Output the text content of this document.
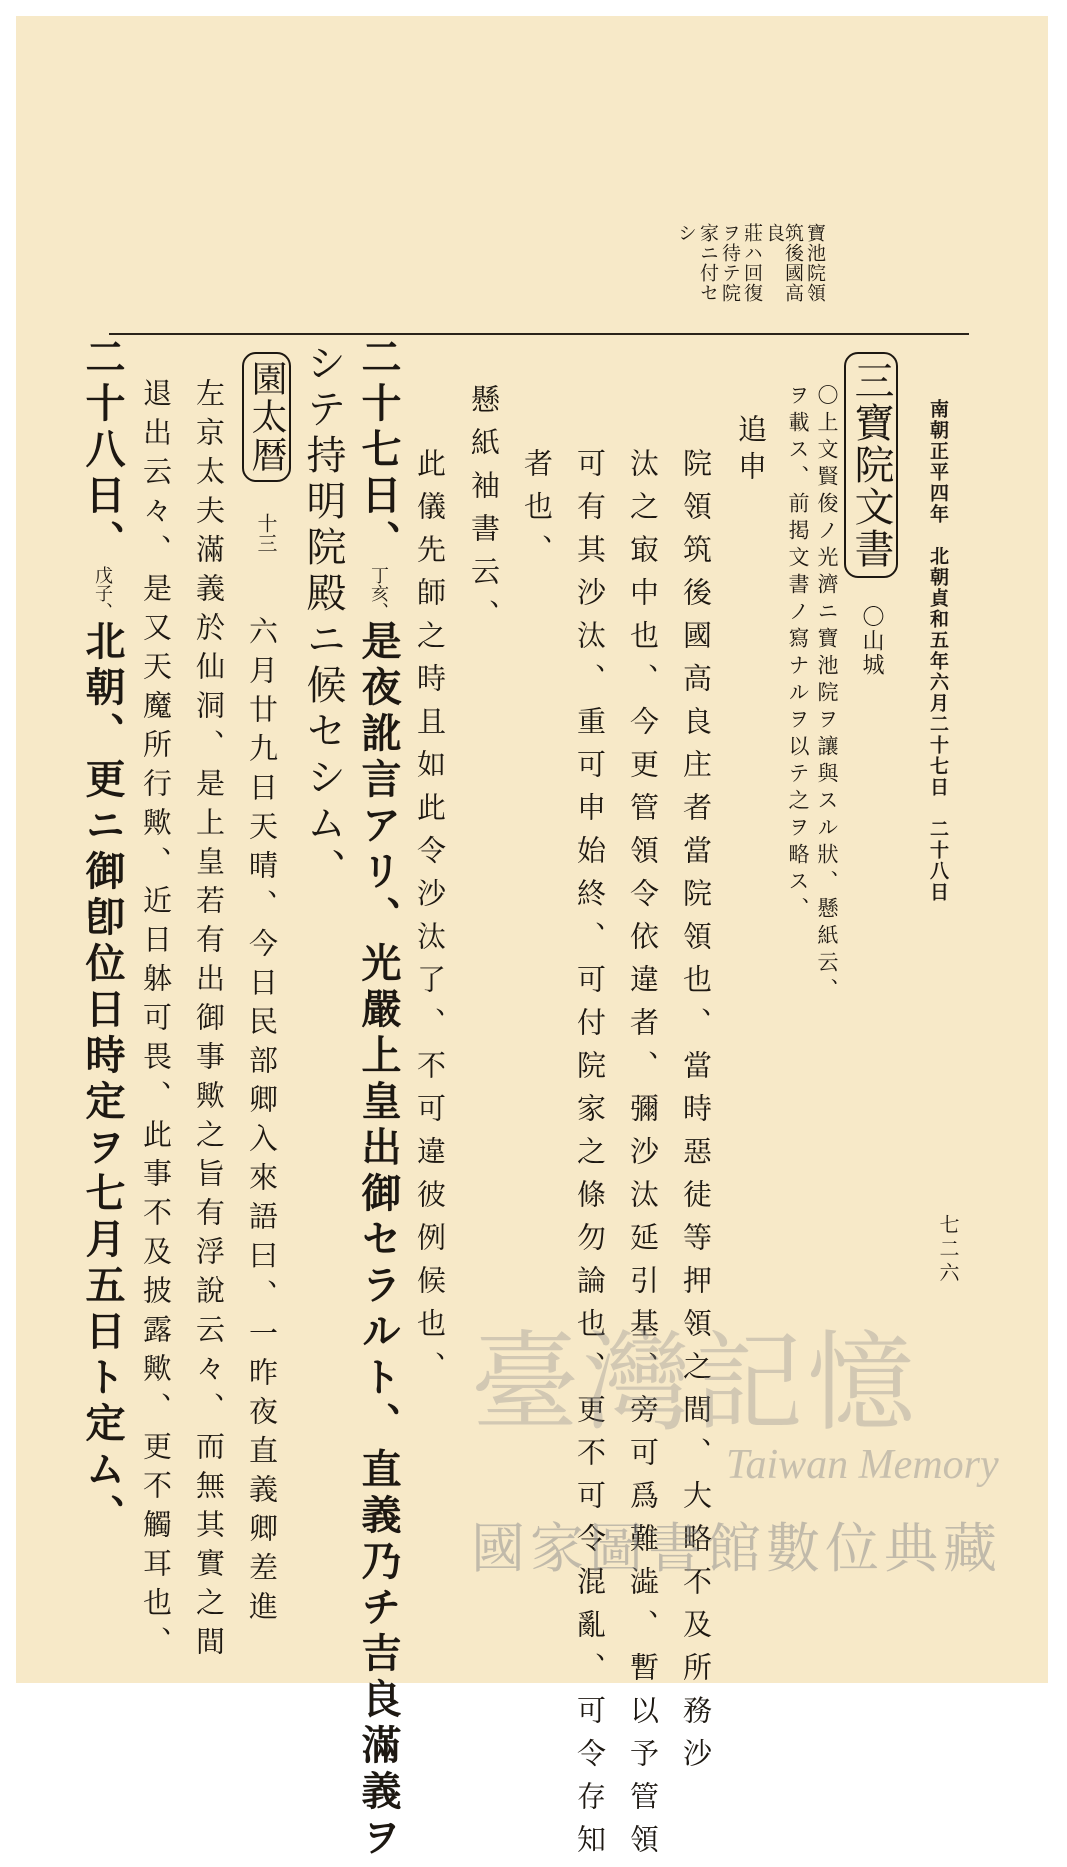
南朝正平四年　北朝貞和五年六月二十七日　二十八日
寶池院領
筑後國高良
莊ハ回復
ヲ待テ院
家ニ付セ
シ
三寶院文書 〇山城
〇上文賢俊ノ光濟ニ寶池院ヲ讓與スル狀、懸紙云、
ヲ載ス、前掲文書ノ寫ナルヲ以テ之ヲ略ス、
追申
院領筑後國高良庄者當院領也、當時惡徒等押領之間、大略不及所務沙
汰之㝡中也、今更管領令依違者、彌沙汰延引基、旁可爲難澁、暫以予管領
可有其沙汰、重可申始終、可付院家之條勿論也、更不可令混亂、可令存知
者也、
懸紙袖書云、
此儀先師之時且如此令沙汰了、不可違彼例候也、
二十七日、丁亥、是夜訛言アリ、光嚴上皇出御セラルト、直義乃チ吉良滿義ヲ
シテ持明院殿ニ候セシム、
園太暦 十三
六月廿九日天晴、今日民部卿入來語曰、一昨夜直義卿差進
左京太夫滿義於仙洞、是上皇若有出御事歟之旨有浮說云々、而無其實之間
退出云々、是又天魔所行歟、近日躰可畏、此事不及披露歟、更不觸耳也、
二十八日、戊子、北朝、更ニ御卽位日時定ヲ七月五日ト定ム、	七二六
臺灣記憶
Taiwan Memory
國家圖書館數位典藏
